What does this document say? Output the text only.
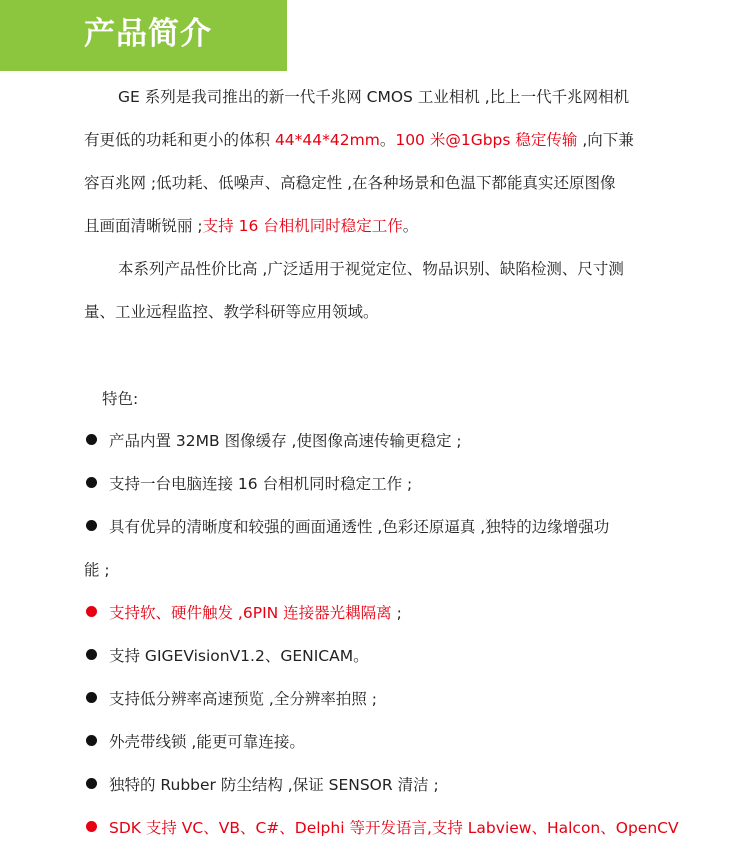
产品简介

GE 系列是我司推出的新一代千兆网 CMOS 工业相机 ,比上一代千兆网相机
有更低的功耗和更小的体积 44*44*42mm。100 米@1Gbps 稳定传输 ,向下兼
容百兆网 ;低功耗、低噪声、高稳定性 ,在各种场景和色温下都能真实还原图像
且画面清晰锐丽 ;支持 16 台相机同时稳定工作。

本系列产品性价比高 ,广泛适用于视觉定位、物品识别、缺陷检测、尺寸测
量、工业远程监控、教学科研等应用领域。

特色:
产品内置 32MB 图像缓存 ,使图像高速传输更稳定 ;
支持一台电脑连接 16 台相机同时稳定工作 ;
具有优异的清晰度和较强的画面通透性 ,色彩还原逼真 ,独特的边缘增强功
能 ;
支持软、硬件触发 ,6PIN 连接器光耦隔离 ;
支持 GIGEVisionV1.2、GENICAM。
支持低分辨率高速预览 ,全分辨率拍照 ;
外壳带线锁 ,能更可靠连接。
独特的 Rubber 防尘结构 ,保证 SENSOR 清洁 ;
SDK 支持 VC、VB、C#、Delphi 等开发语言,支持 Labview、Halcon、OpenCV
